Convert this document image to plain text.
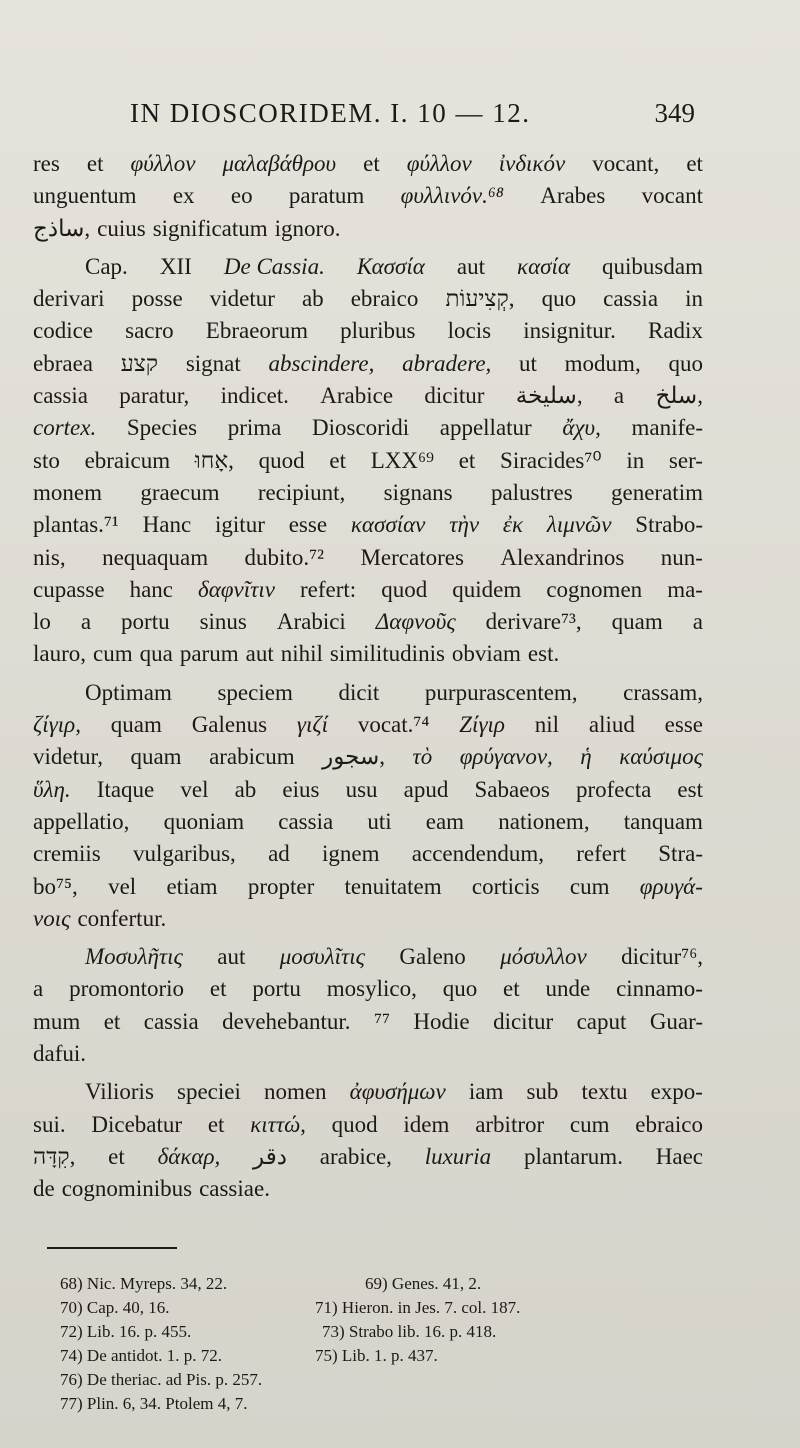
IN DIOSCORIDEM. I. 10 — 12.	349
res et φύλλον μαλαβάθρου et φύλλον ἰνδικόν vocant, et
unguentum ex eo paratum φυλλινόν.⁶⁸ Arabes vocant
ساذج, cuius significatum ignoro.
Cap. XII De Cassia. Κασσία aut κασία quibusdam
derivari posse videtur ab ebraico קְצִיעוֹת, quo cassia in
codice sacro Ebraeorum pluribus locis insignitur. Radix
ebraea קצע signat abscindere, abradere, ut modum, quo
cassia paratur, indicet. Arabice dicitur سليخة, a سلخ,
cortex. Species prima Dioscoridi appellatur ἄχυ, manife-
sto ebraicum אָחוּ, quod et LXX⁶⁹ et Siracides⁷⁰ in ser-
monem graecum recipiunt, signans palustres generatim
plantas.⁷¹ Hanc igitur esse κασσίαν τὴν ἐκ λιμνῶν Strabo-
nis, nequaquam dubito.⁷² Mercatores Alexandrinos nun-
cupasse hanc δαφνῖτιν refert: quod quidem cognomen ma-
lo a portu sinus Arabici Δαφνοῦς derivare⁷³, quam a
lauro, cum qua parum aut nihil similitudinis obviam est.
Optimam speciem dicit purpurascentem, crassam,
ζίγιρ, quam Galenus γιζί vocat.⁷⁴ Ζίγιρ nil aliud esse
videtur, quam arabicum سجور, τὸ φρύγανον, ἡ καύσιμος
ὕλη. Itaque vel ab eius usu apud Sabaeos profecta est
appellatio, quoniam cassia uti eam nationem, tanquam
cremiis vulgaribus, ad ignem accendendum, refert Stra-
bo⁷⁵, vel etiam propter tenuitatem corticis cum φρυγά-
νοις confertur.
Μοσυλῆτις aut μοσυλῖτις Galeno μόσυλλον dicitur⁷⁶,
a promontorio et portu mosylico, quo et unde cinnamo-
mum et cassia devehebantur. ⁷⁷ Hodie dicitur caput Guar-
dafui.
Vilioris speciei nomen ἀφυσήμων iam sub textu expo-
sui. Dicebatur et κιττώ, quod idem arbitror cum ebraico
קִדָּה, et δάκαρ, دقر arabice, luxuria plantarum. Haec
de cognominibus cassiae.
68) Nic. Myreps. 34, 22.	69) Genes. 41, 2.
70) Cap. 40, 16.	71) Hieron. in Jes. 7. col. 187.
72) Lib. 16. p. 455.	73) Strabo lib. 16. p. 418.
74) De antidot. 1. p. 72.	75) Lib. 1. p. 437.
76) De theriac. ad Pis. p. 257.
77) Plin. 6, 34. Ptolem 4, 7.
